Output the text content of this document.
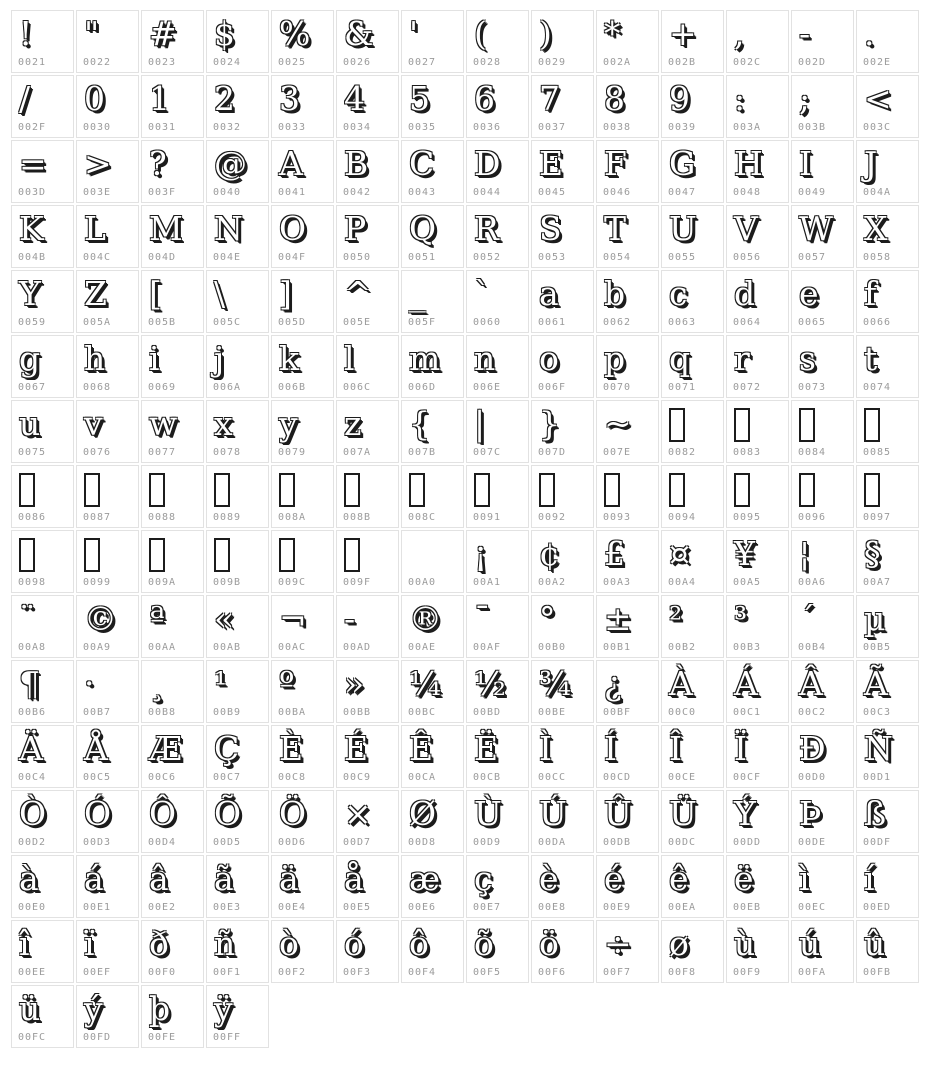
!
0021
"
0022
#
0023
$
0024
%
0025
&
0026
'
0027
(
0028
)
0029
*
002A
+
002B
,
002C
-
002D
.
002E
/
002F
0
0030
1
0031
2
0032
3
0033
4
0034
5
0035
6
0036
7
0037
8
0038
9
0039
:
003A
;
003B
<
003C
=
003D
>
003E
?
003F
@
0040
A
0041
B
0042
C
0043
D
0044
E
0045
F
0046
G
0047
H
0048
I
0049
J
004A
K
004B
L
004C
M
004D
N
004E
O
004F
P
0050
Q
0051
R
0052
S
0053
T
0054
U
0055
V
0056
W
0057
X
0058
Y
0059
Z
005A
[
005B
\
005C
]
005D
^
005E
_
005F
`
0060
a
0061
b
0062
c
0063
d
0064
e
0065
f
0066
g
0067
h
0068
i
0069
j
006A
k
006B
l
006C
m
006D
n
006E
o
006F
p
0070
q
0071
r
0072
s
0073
t
0074
u
0075
v
0076
w
0077
x
0078
y
0079
z
007A
{
007B
|
007C
}
007D
~
007E	0082	0083	0084	0085
0086	0087	0088	0089	008A	008B	008C	0091	0092	0093	0094	0095	0096	0097
0098	0099	009A	009B	009C	009F	00A0
¡
00A1
¢
00A2
£
00A3
¤
00A4
¥
00A5
¦
00A6
§
00A7
¨
00A8
©
00A9
ª
00AA
«
00AB
¬
00AC
-
00AD
®
00AE
¯
00AF
°
00B0
±
00B1
²
00B2
³
00B3
´
00B4
µ
00B5
¶
00B6
·
00B7
¸
00B8
¹
00B9
º
00BA
»
00BB
¼
00BC
½
00BD
¾
00BE
¿
00BF
À
00C0
Á
00C1
Â
00C2
Ã
00C3
Ä
00C4
Å
00C5
Æ
00C6
Ç
00C7
È
00C8
É
00C9
Ê
00CA
Ë
00CB
Ì
00CC
Í
00CD
Î
00CE
Ï
00CF
Ð
00D0
Ñ
00D1
Ò
00D2
Ó
00D3
Ô
00D4
Õ
00D5
Ö
00D6
×
00D7
Ø
00D8
Ù
00D9
Ú
00DA
Û
00DB
Ü
00DC
Ý
00DD
Þ
00DE
ß
00DF
à
00E0
á
00E1
â
00E2
ã
00E3
ä
00E4
å
00E5
æ
00E6
ç
00E7
è
00E8
é
00E9
ê
00EA
ë
00EB
ì
00EC
í
00ED
î
00EE
ï
00EF
ð
00F0
ñ
00F1
ò
00F2
ó
00F3
ô
00F4
õ
00F5
ö
00F6
÷
00F7
ø
00F8
ù
00F9
ú
00FA
û
00FB
ü
00FC
ý
00FD
þ
00FE
ÿ
00FF
